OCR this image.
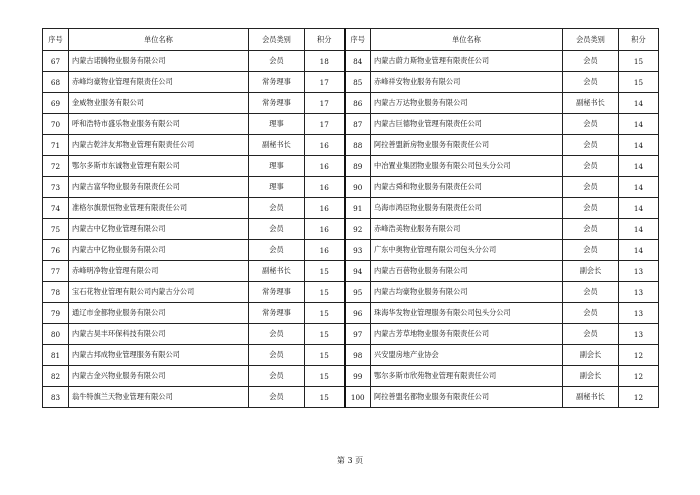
序号	单位名称	会员类别	积分	序号	单位名称	会员类别	积分
67	内蒙古诺腾物业服务有限公司	会员	18	84	内蒙古蔚力斯物业管理有限责任公司	会员	15
68	赤峰均豪物业管理有限责任公司	常务理事	17	85	赤峰祥安物业服务有限公司	会员	15
69	金威物业服务有限公司	常务理事	17	86	内蒙古万达物业服务有限公司	副秘书长	14
70	呼和浩特市盛乐物业服务有限公司	理事	17	87	内蒙古巨德物业管理有限责任公司	会员	14
71	内蒙古乾沣友邦物业管理有限责任公司	副秘书长	16	88	阿拉善盟新房物业服务有限责任公司	会员	14
72	鄂尔多斯市东诚物业管理有限公司	理事	16	89	中冶置业集团物业服务有限公司包头分公司	会员	14
73	内蒙古富华物业服务有限责任公司	理事	16	90	内蒙古舜和物业服务有限责任公司	会员	14
74	准格尔旗景恒物业管理有限责任公司	会员	16	91	乌海市鸿臣物业服务有限责任公司	会员	14
75	内蒙古中亿物业管理有限公司	会员	16	92	赤峰浩美物业服务有限公司	会员	14
76	内蒙古中亿物业服务有限公司	会员	16	93	广东中奥物业管理有限公司包头分公司	会员	14
77	赤峰明净物业管理有限公司	副秘书长	15	94	内蒙古百蓓物业服务有限公司	副会长	13
78	宝石花物业管理有限公司内蒙古分公司	常务理事	15	95	内蒙古均豪物业服务有限公司	会员	13
79	通辽市金都物业服务有限公司	常务理事	15	96	珠海华发物业管理服务有限公司包头分公司	会员	13
80	内蒙古昊丰环保科技有限公司	会员	15	97	内蒙古芳草地物业服务有限责任公司	会员	13
81	内蒙古邦成物业管理服务有限公司	会员	15	98	兴安盟房地产业协会	副会长	12
82	内蒙古金兴物业服务有限公司	会员	15	99	鄂尔多斯市欣苑物业管理有限责任公司	副会长	12
83	翁牛特旗兰天物业管理有限公司	会员	15	100	阿拉善盟名都物业服务有限责任公司	副秘书长	12
第 3 页
